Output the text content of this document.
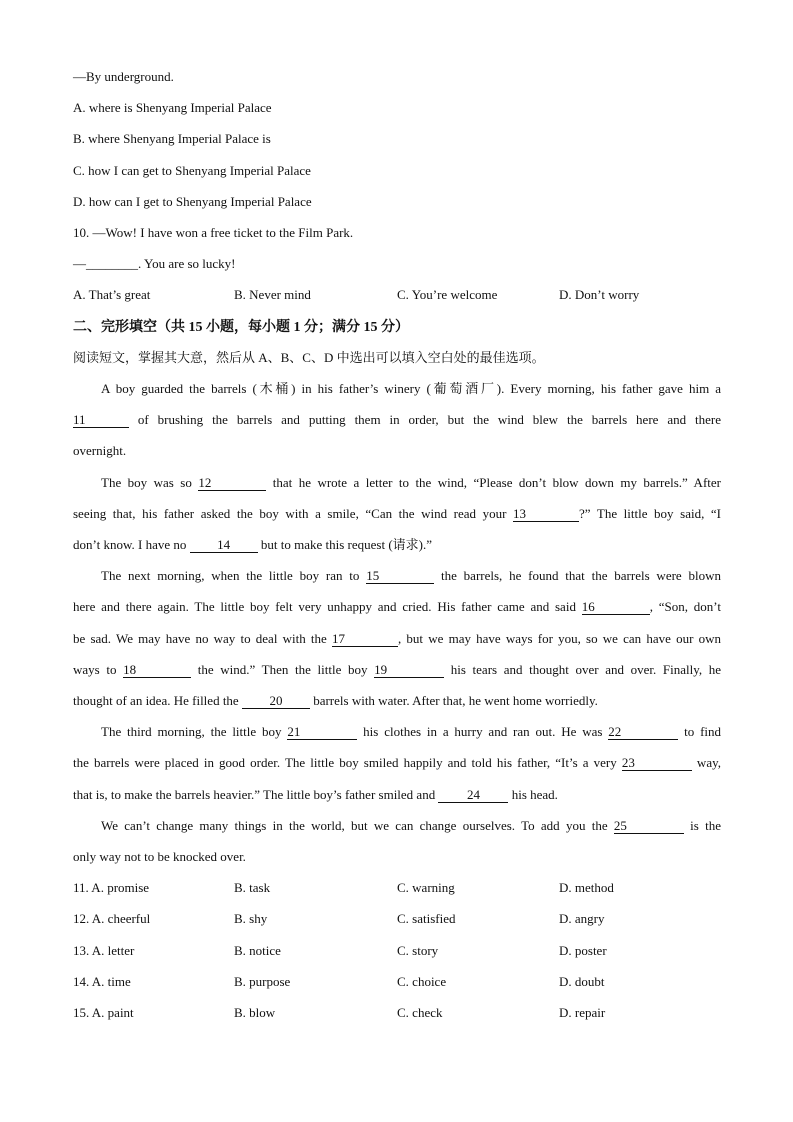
—By underground.
A. where is Shenyang Imperial Palace
B. where Shenyang Imperial Palace is
C. how I can get to Shenyang Imperial Palace
D. how can I get to Shenyang Imperial Palace
10. —Wow! I have won a free ticket to the Film Park.
—________. You are so lucky!
A. That’s great	B. Never mind	C. You’re welcome	D. Don’t worry
二、完形填空（共 15 小题，每小题 1 分；满分 15 分）
阅读短文，掌握其大意，然后从 A、B、C、D 中选出可以填入空白处的最佳选项。
A boy guarded the barrels (木桶) in his father’s winery (葡萄酒厂). Every morning, his father gave him a
11	of brushing the barrels and putting them in order, but the wind blew the barrels here and there
overnight.
The boy was so 12	that he wrote a letter to the wind, “Please don’t blow down my barrels.” After
seeing that, his father asked the boy with a smile, “Can the wind read your 13	?” The little boy said, “I
don’t know. I have no 14 but to make this request (请求).”
The next morning, when the little boy ran to 15	the barrels, he found that the barrels were blown
here and there again. The little boy felt very unhappy and cried. His father came and said 16	, “Son, don’t
be sad. We may have no way to deal with the 17	, but we may have ways for you, so we can have our own
ways to 18	the wind.” Then the little boy 19	his tears and thought over and over. Finally, he
thought of an idea. He filled the 20 barrels with water. After that, he went home worriedly.
The third morning, the little boy 21	his clothes in a hurry and ran out. He was 22	to find
the barrels were placed in good order. The little boy smiled happily and told his father, “It’s a very 23	way,
that is, to make the barrels heavier.” The little boy’s father smiled and 24 his head.
We can’t change many things in the world, but we can change ourselves. To add you the 25	is the
only way not to be knocked over.
11. A. promise	B. task	C. warning	D. method
12. A. cheerful	B. shy	C. satisfied	D. angry
13. A. letter	B. notice	C. story	D. poster
14. A. time	B. purpose	C. choice	D. doubt
15. A. paint	B. blow	C. check	D. repair
